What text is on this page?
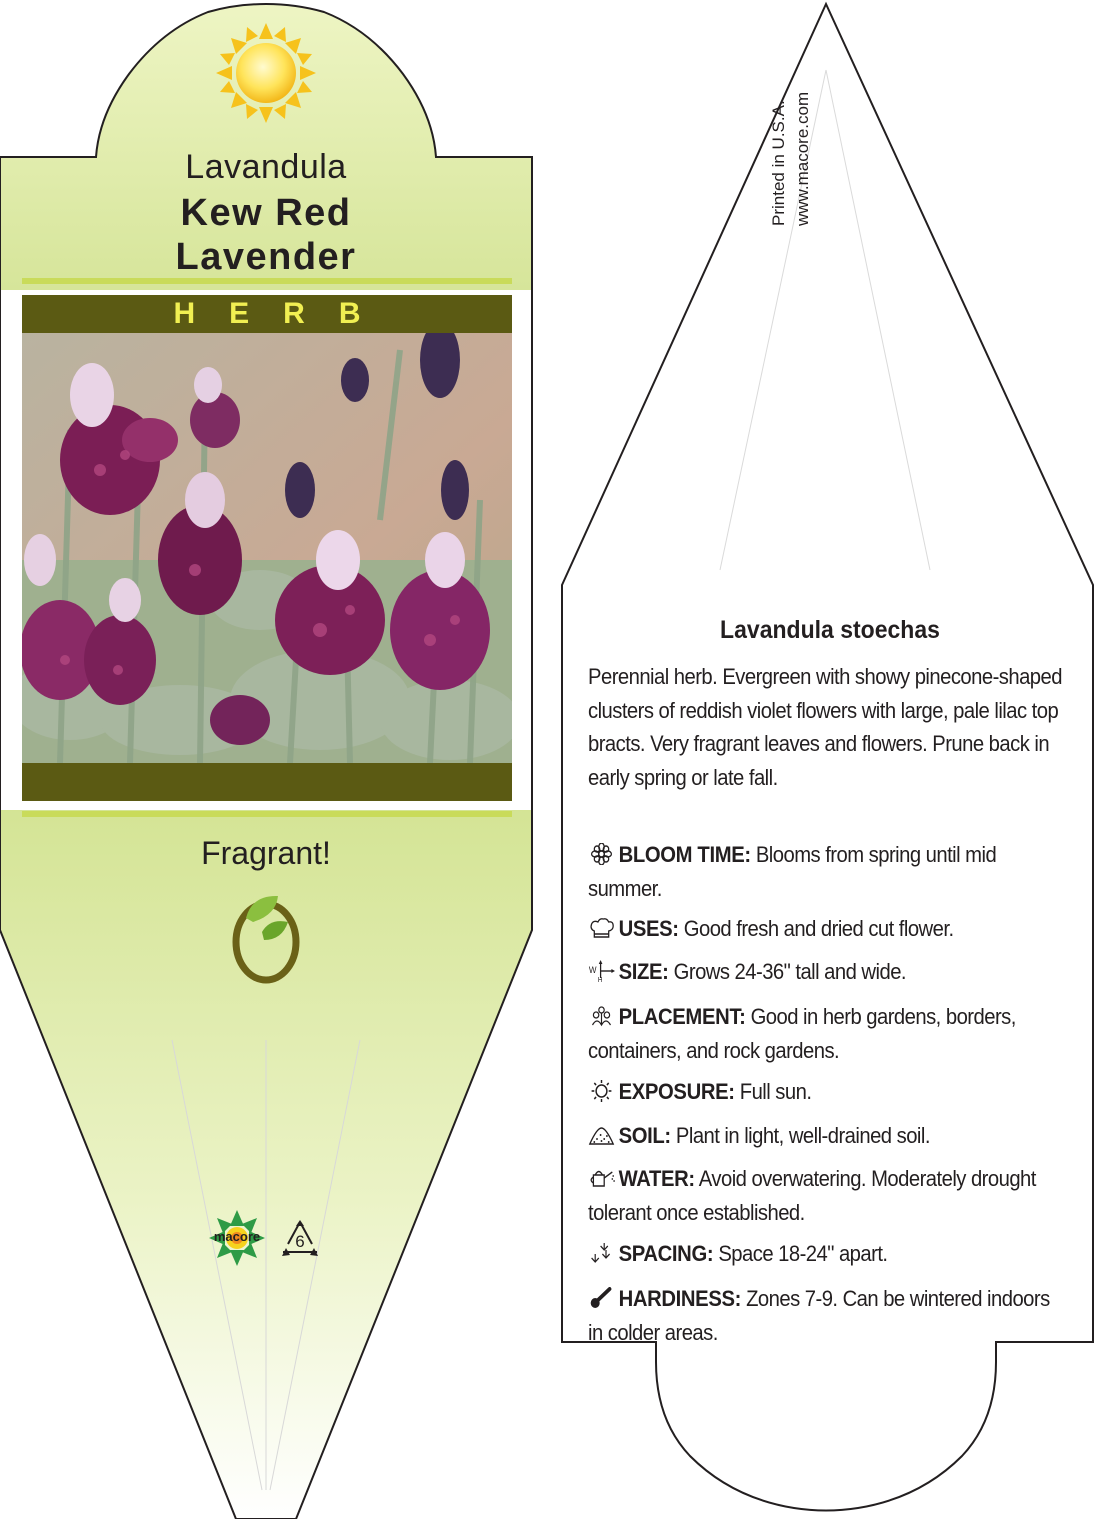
Lavandula

Kew Red

Lavender

HERB

Fragrant!

macore	6
Printed in U.S.A. www.macore.com
Lavandula stoechas
Perennial herb. Evergreen with showy pinecone-shaped clusters of reddish violet flowers with large, pale lilac top bracts. Very fragrant leaves and flowers. Prune back in early spring or late fall.
BLOOM TIME: Blooms from spring until mid summer.
USES: Good fresh and dried cut flower.
W
H SIZE: Grows 24-36" tall and wide.
PLACEMENT: Good in herb gardens, borders, containers, and rock gardens.
EXPOSURE: Full sun.
SOIL: Plant in light, well-drained soil.
WATER: Avoid overwatering. Moderately drought tolerant once established.
SPACING: Space 18-24" apart.
HARDINESS: Zones 7-9. Can be wintered indoors in colder areas.
